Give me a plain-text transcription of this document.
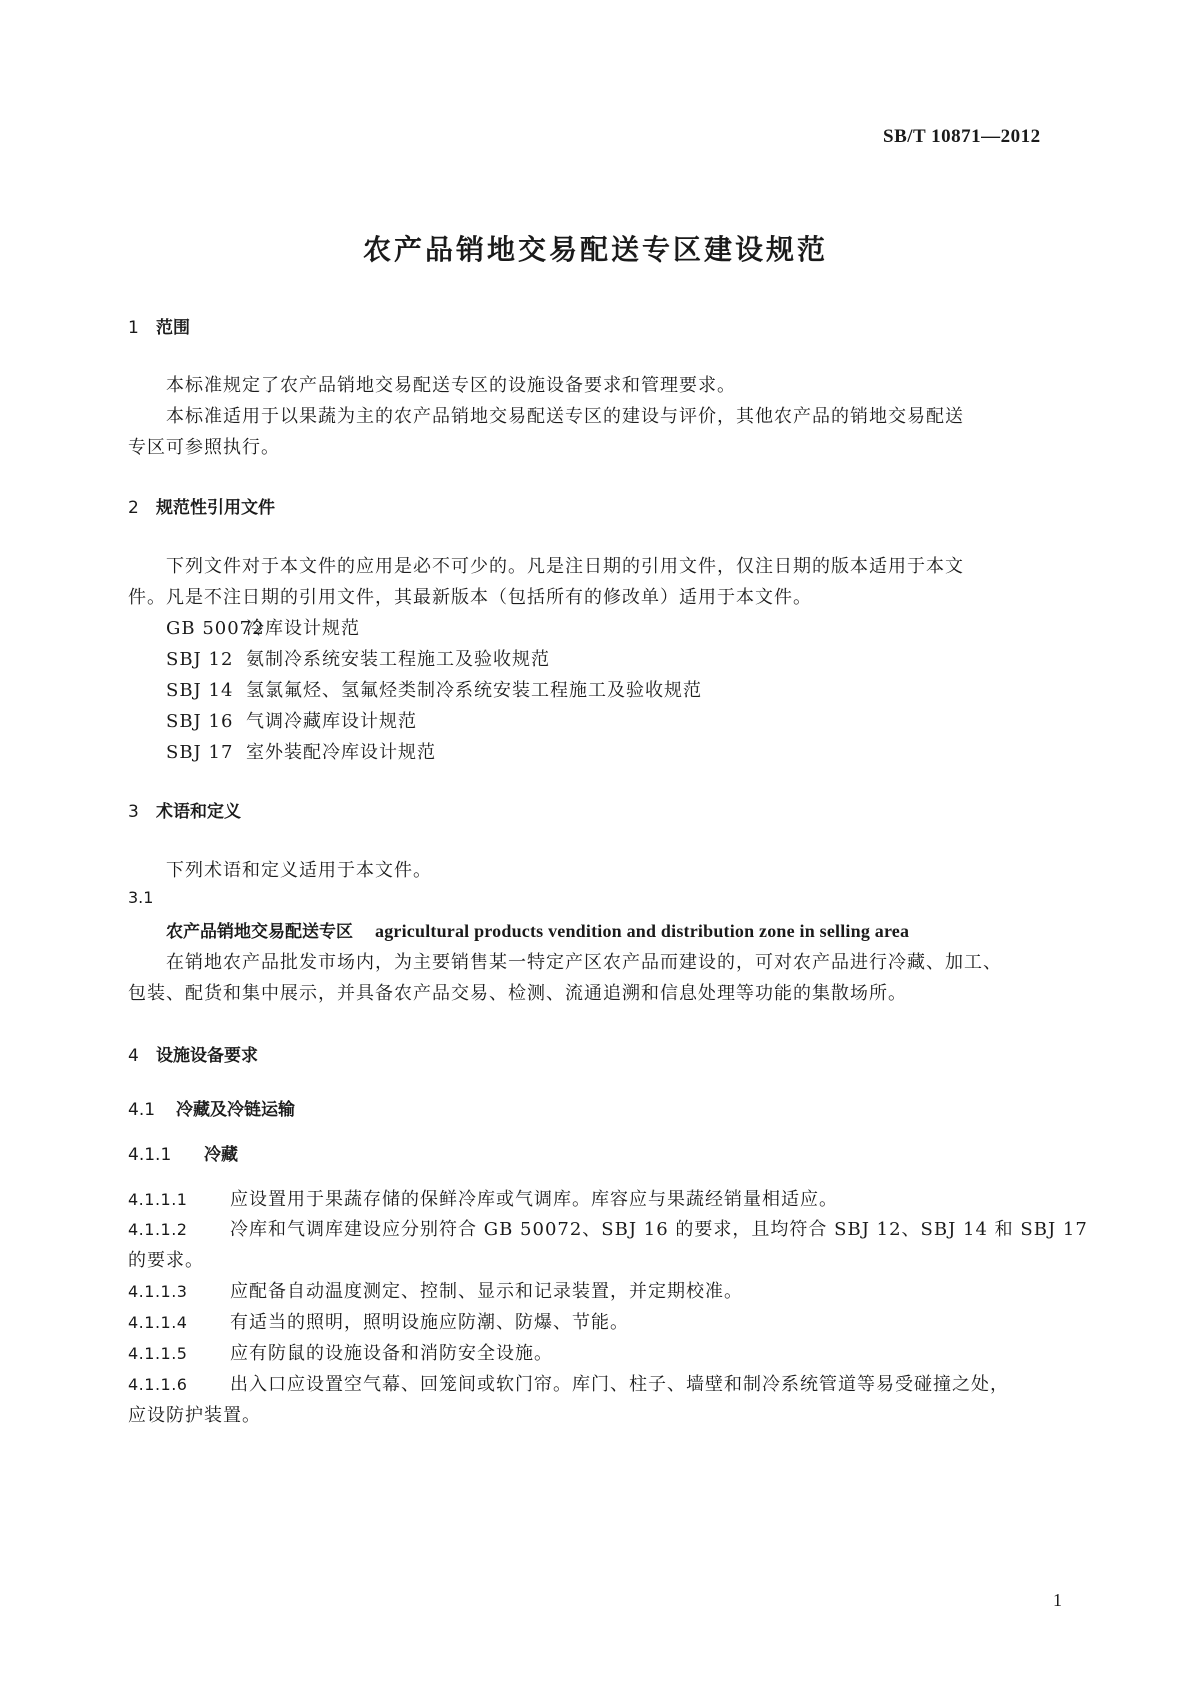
SB/T 10871—2012
农产品销地交易配送专区建设规范
1 范围
本标准规定了农产品销地交易配送专区的设施设备要求和管理要求。
本标准适用于以果蔬为主的农产品销地交易配送专区的建设与评价，其他农产品的销地交易配送
专区可参照执行。
2 规范性引用文件
下列文件对于本文件的应用是必不可少的。凡是注日期的引用文件，仅注日期的版本适用于本文
件。凡是不注日期的引用文件，其最新版本（包括所有的修改单）适用于本文件。
GB 50072冷库设计规范
SBJ 12 氨制冷系统安装工程施工及验收规范
SBJ 14 氢氯氟烃、氢氟烃类制冷系统安装工程施工及验收规范
SBJ 16 气调冷藏库设计规范
SBJ 17 室外装配冷库设计规范
3 术语和定义
下列术语和定义适用于本文件。
3.1
农产品销地交易配送专区 agricultural products vendition and distribution zone in selling area
在销地农产品批发市场内，为主要销售某一特定产区农产品而建设的，可对农产品进行冷藏、加工、
包装、配货和集中展示，并具备农产品交易、检测、流通追溯和信息处理等功能的集散场所。
4 设施设备要求
4.1 冷藏及冷链运输
4.1.1 冷藏
4.1.1.1 应设置用于果蔬存储的保鲜冷库或气调库。库容应与果蔬经销量相适应。
4.1.1.2 冷库和气调库建设应分别符合 GB 50072、SBJ 16 的要求，且均符合 SBJ 12、SBJ 14 和 SBJ 17
的要求。
4.1.1.3 应配备自动温度测定、控制、显示和记录装置，并定期校准。
4.1.1.4 有适当的照明，照明设施应防潮、防爆、节能。
4.1.1.5 应有防鼠的设施设备和消防安全设施。
4.1.1.6 出入口应设置空气幕、回笼间或软门帘。库门、柱子、墙壁和制冷系统管道等易受碰撞之处，
应设防护装置。
1
